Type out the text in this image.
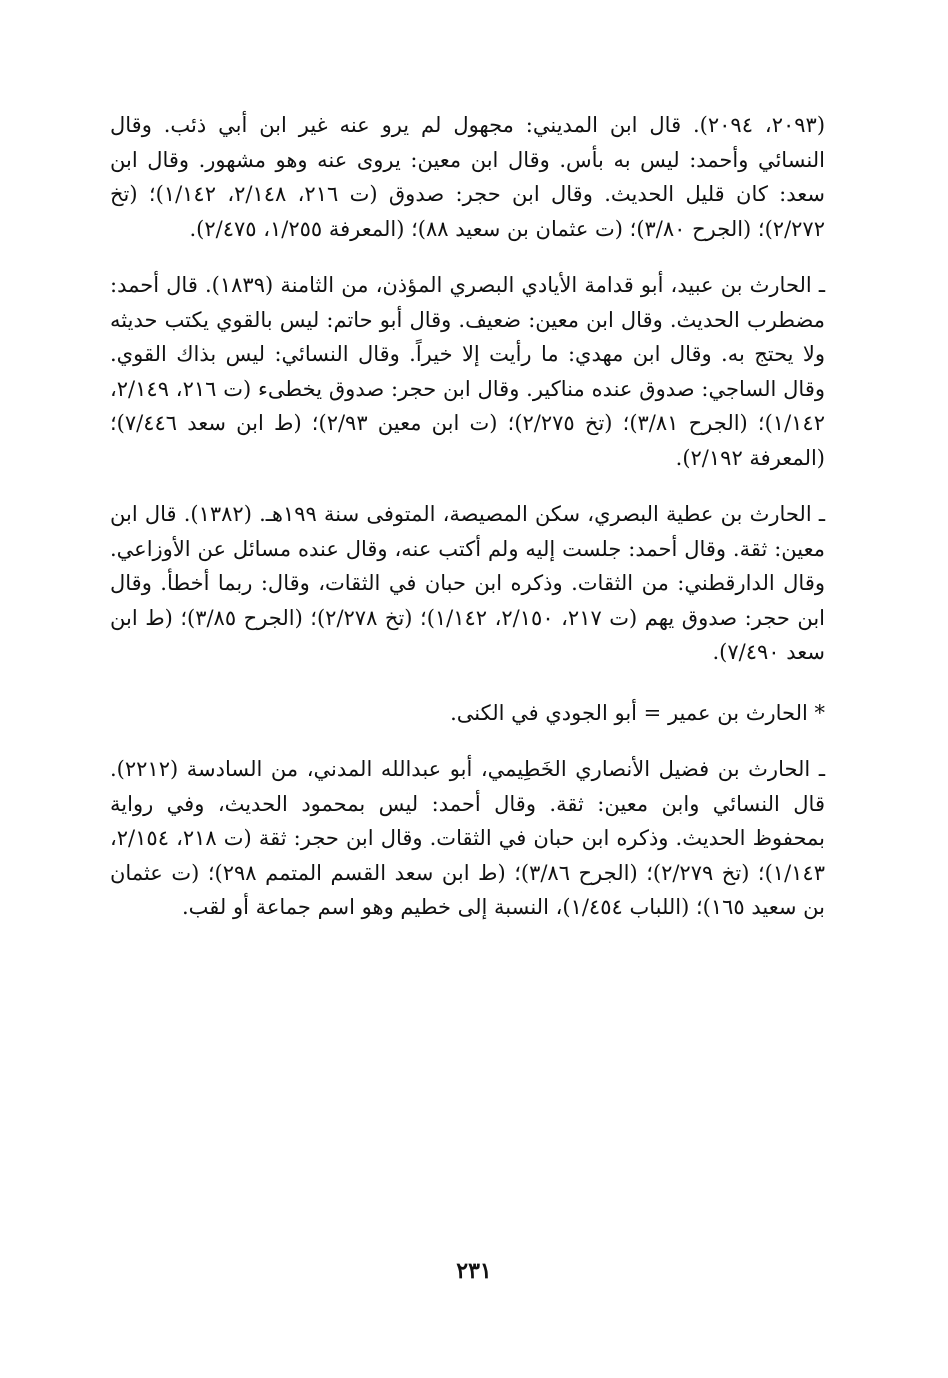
(٢٠٩٣، ٢٠٩٤). قال ابن المديني: مجهول لم يرو عنه غير ابن أبي ذئب. وقال النسائي وأحمد: ليس به بأس. وقال ابن معين: يروى عنه وهو مشهور. وقال ابن سعد: كان قليل الحديث. وقال ابن حجر: صدوق (ت ٢١٦، ٢/١٤٨، ١/١٤٢)؛ (تخ ٢/٢٧٢)؛ (الجرح ٣/٨٠)؛ (ت عثمان بن سعيد ٨٨)؛ (المعرفة ١/٢٥٥، ٢/٤٧٥).

ـ الحارث بن عبيد، أبو قدامة الأيادي البصري المؤذن، من الثامنة (١٨٣٩). قال أحمد: مضطرب الحديث. وقال ابن معين: ضعيف. وقال أبو حاتم: ليس بالقوي يكتب حديثه ولا يحتج به. وقال ابن مهدي: ما رأيت إلا خيراً. وقال النسائي: ليس بذاك القوي. وقال الساجي: صدوق عنده مناكير. وقال ابن حجر: صدوق يخطىء (ت ٢١٦، ٢/١٤٩، ١/١٤٢)؛ (الجرح ٣/٨١)؛ (تخ ٢/٢٧٥)؛ (ت ابن معين ٢/٩٣)؛ (ط ابن سعد ٧/٤٤٦)؛ (المعرفة ٢/١٩٢).

ـ الحارث بن عطية البصري، سكن المصيصة، المتوفى سنة ١٩٩هـ. (١٣٨٢). قال ابن معين: ثقة. وقال أحمد: جلست إليه ولم أكتب عنه، وقال عنده مسائل عن الأوزاعي. وقال الدارقطني: من الثقات. وذكره ابن حبان في الثقات، وقال: ربما أخطأ. وقال ابن حجر: صدوق يهم (ت ٢١٧، ٢/١٥٠، ١/١٤٢)؛ (تخ ٢/٢٧٨)؛ (الجرح ٣/٨٥)؛ (ط ابن سعد ٧/٤٩٠).

* الحارث بن عمير = أبو الجودي في الكنى.

ـ الحارث بن فضيل الأنصاري الخَطِيمي، أبو عبدالله المدني، من السادسة (٢٢١٢). قال النسائي وابن معين: ثقة. وقال أحمد: ليس بمحمود الحديث، وفي رواية بمحفوظ الحديث. وذكره ابن حبان في الثقات. وقال ابن حجر: ثقة (ت ٢١٨، ٢/١٥٤، ١/١٤٣)؛ (تخ ٢/٢٧٩)؛ (الجرح ٣/٨٦)؛ (ط ابن سعد القسم المتمم ٢٩٨)؛ (ت عثمان بن سعيد ١٦٥)؛ (اللباب ١/٤٥٤)، النسبة إلى خطيم وهو اسم جماعة أو لقب.

٢٣١
